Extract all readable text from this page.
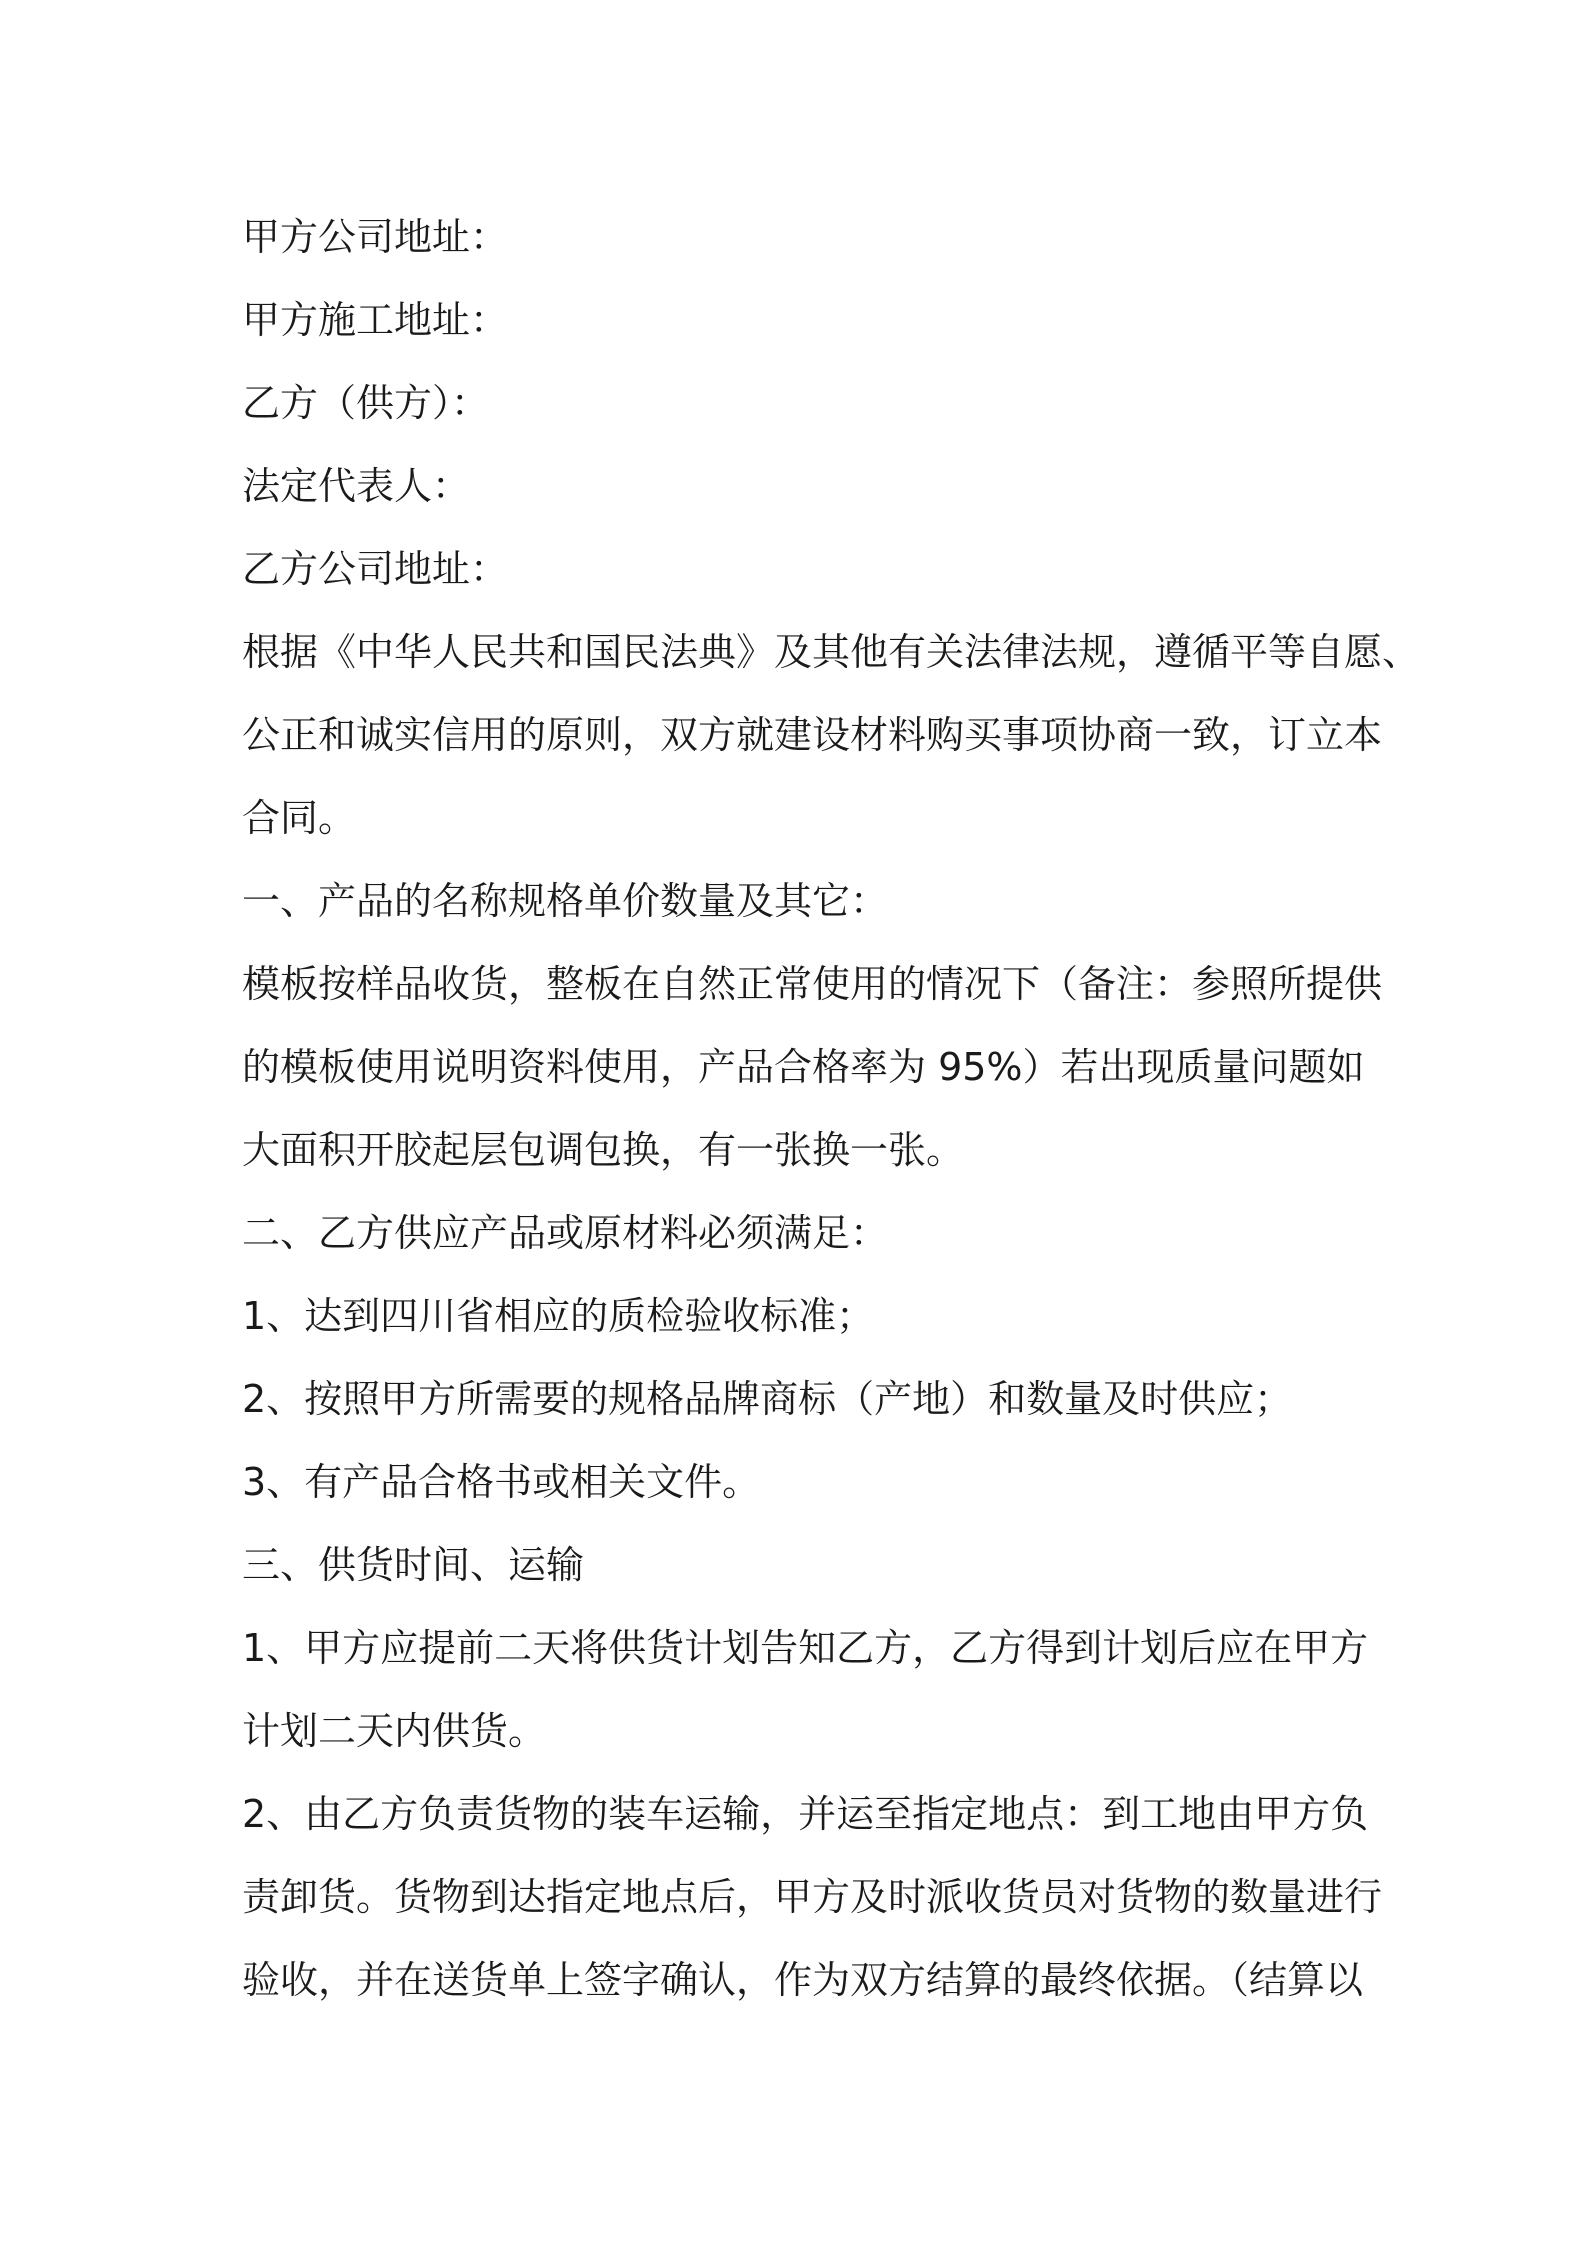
甲方公司地址：
甲方施工地址：
乙方（供方）：
法定代表人：
乙方公司地址：
根据《中华人民共和国民法典》及其他有关法律法规，遵循平等自愿、
公正和诚实信用的原则，双方就建设材料购买事项协商一致，订立本
合同。
一、产品的名称规格单价数量及其它：
模板按样品收货，整板在自然正常使用的情况下（备注：参照所提供
的模板使用说明资料使用，产品合格率为 95%）若出现质量问题如
大面积开胶起层包调包换，有一张换一张。
二、乙方供应产品或原材料必须满足：
1、达到四川省相应的质检验收标准；
2、按照甲方所需要的规格品牌商标（产地）和数量及时供应；
3、有产品合格书或相关文件。
三、供货时间、运输
1、甲方应提前二天将供货计划告知乙方，乙方得到计划后应在甲方
计划二天内供货。
2、由乙方负责货物的装车运输，并运至指定地点：到工地由甲方负
责卸货。货物到达指定地点后，甲方及时派收货员对货物的数量进行
验收，并在送货单上签字确认，作为双方结算的最终依据。（结算以
